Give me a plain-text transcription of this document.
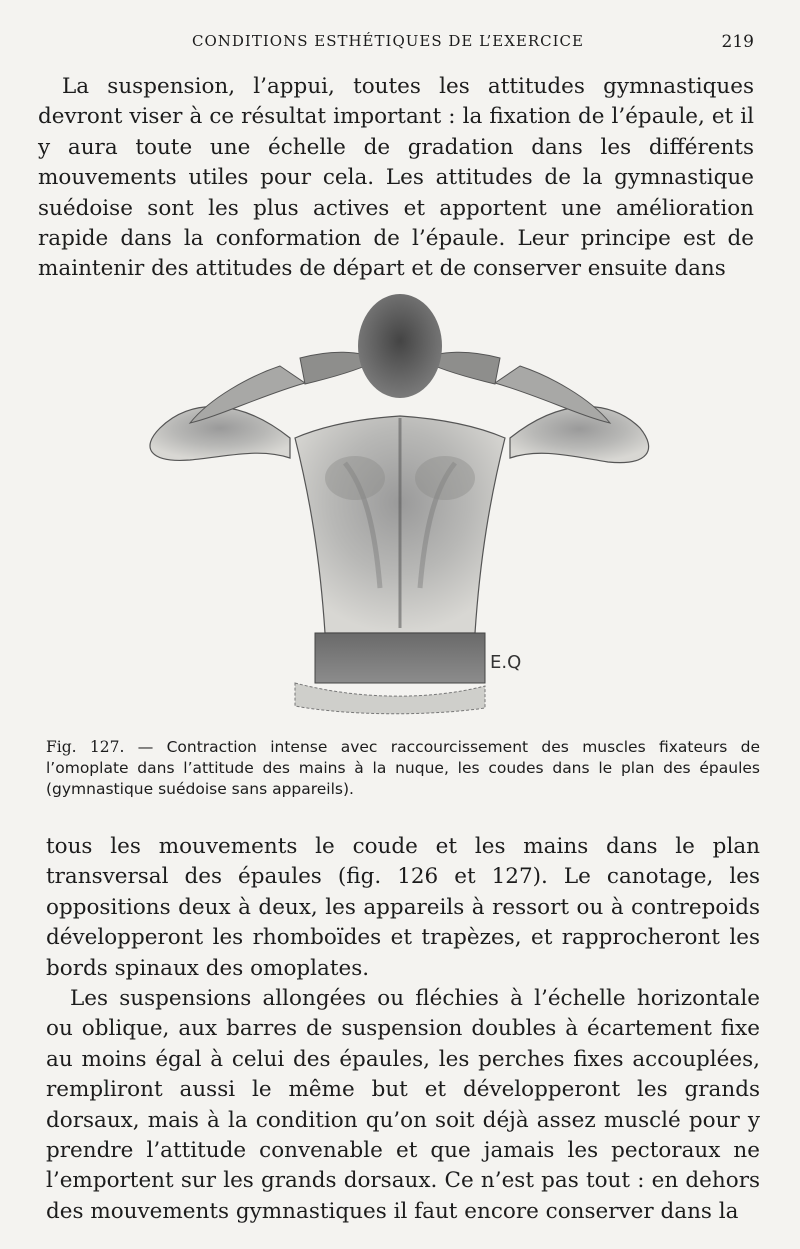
CONDITIONS ESTHÉTIQUES DE L’EXERCICE	219

La suspension, l’appui, toutes les attitudes gymnastiques devront viser à ce résultat important : la fixation de l’épaule, et il y aura toute une échelle de gradation dans les différents mouvements utiles pour cela. Les attitudes de la gymnastique suédoise sont les plus actives et apportent une amélioration rapide dans la conformation de l’épaule. Leur principe est de maintenir des attitudes de départ et de conserver ensuite dans

E.Q

Fig. 127. — Contraction intense avec raccourcissement des muscles fixateurs de l’omoplate dans l’attitude des mains à la nuque, les coudes dans le plan des épaules (gymnastique suédoise sans appareils).

tous les mouvements le coude et les mains dans le plan transversal des épaules (fig. 126 et 127). Le canotage, les oppositions deux à deux, les appareils à ressort ou à contrepoids développeront les rhomboïdes et trapèzes, et rapprocheront les bords spinaux des omoplates.

Les suspensions allongées ou fléchies à l’échelle horizontale ou oblique, aux barres de suspension doubles à écartement fixe au moins égal à celui des épaules, les perches fixes accouplées, rempliront aussi le même but et développeront les grands dorsaux, mais à la condition qu’on soit déjà assez musclé pour y prendre l’attitude convenable et que jamais les pectoraux ne l’emportent sur les grands dorsaux. Ce n’est pas tout : en dehors des mouvements gymnastiques il faut encore conserver dans la
